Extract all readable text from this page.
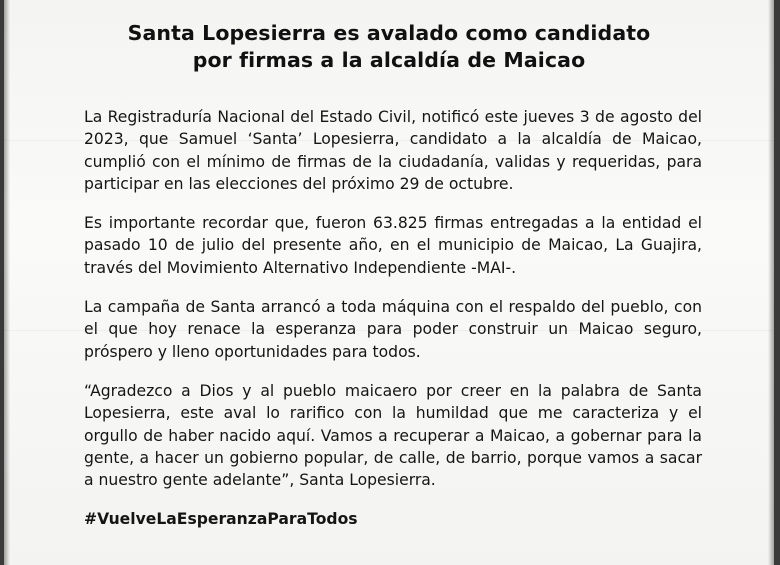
Santa Lopesierra es avalado como candidato
por firmas a la alcaldía de Maicao

La Registraduría Nacional del Estado Civil, notificó este jueves 3 de agosto del 2023, que Samuel ‘Santa’ Lopesierra, candidato a la alcaldía de Maicao, cumplió con el mínimo de firmas de la ciudadanía, validas y requeridas, para participar en las elecciones del próximo 29 de octubre.

Es importante recordar que, fueron 63.825 firmas entregadas a la entidad el pasado 10 de julio del presente año, en el municipio de Maicao, La Guajira, través del Movimiento Alternativo Independiente -MAI-.

La campaña de Santa arrancó a toda máquina con el respaldo del pueblo, con el que hoy renace la esperanza para poder construir un Maicao seguro, próspero y lleno oportunidades para todos.

“Agradezco a Dios y al pueblo maicaero por creer en la palabra de Santa Lopesierra, este aval lo rarifico con la humildad que me caracteriza y el orgullo de haber nacido aquí. Vamos a recuperar a Maicao, a gobernar para la gente, a hacer un gobierno popular, de calle, de barrio, porque vamos a sacar a nuestro gente adelante”, Santa Lopesierra.

#VuelveLaEsperanzaParaTodos
